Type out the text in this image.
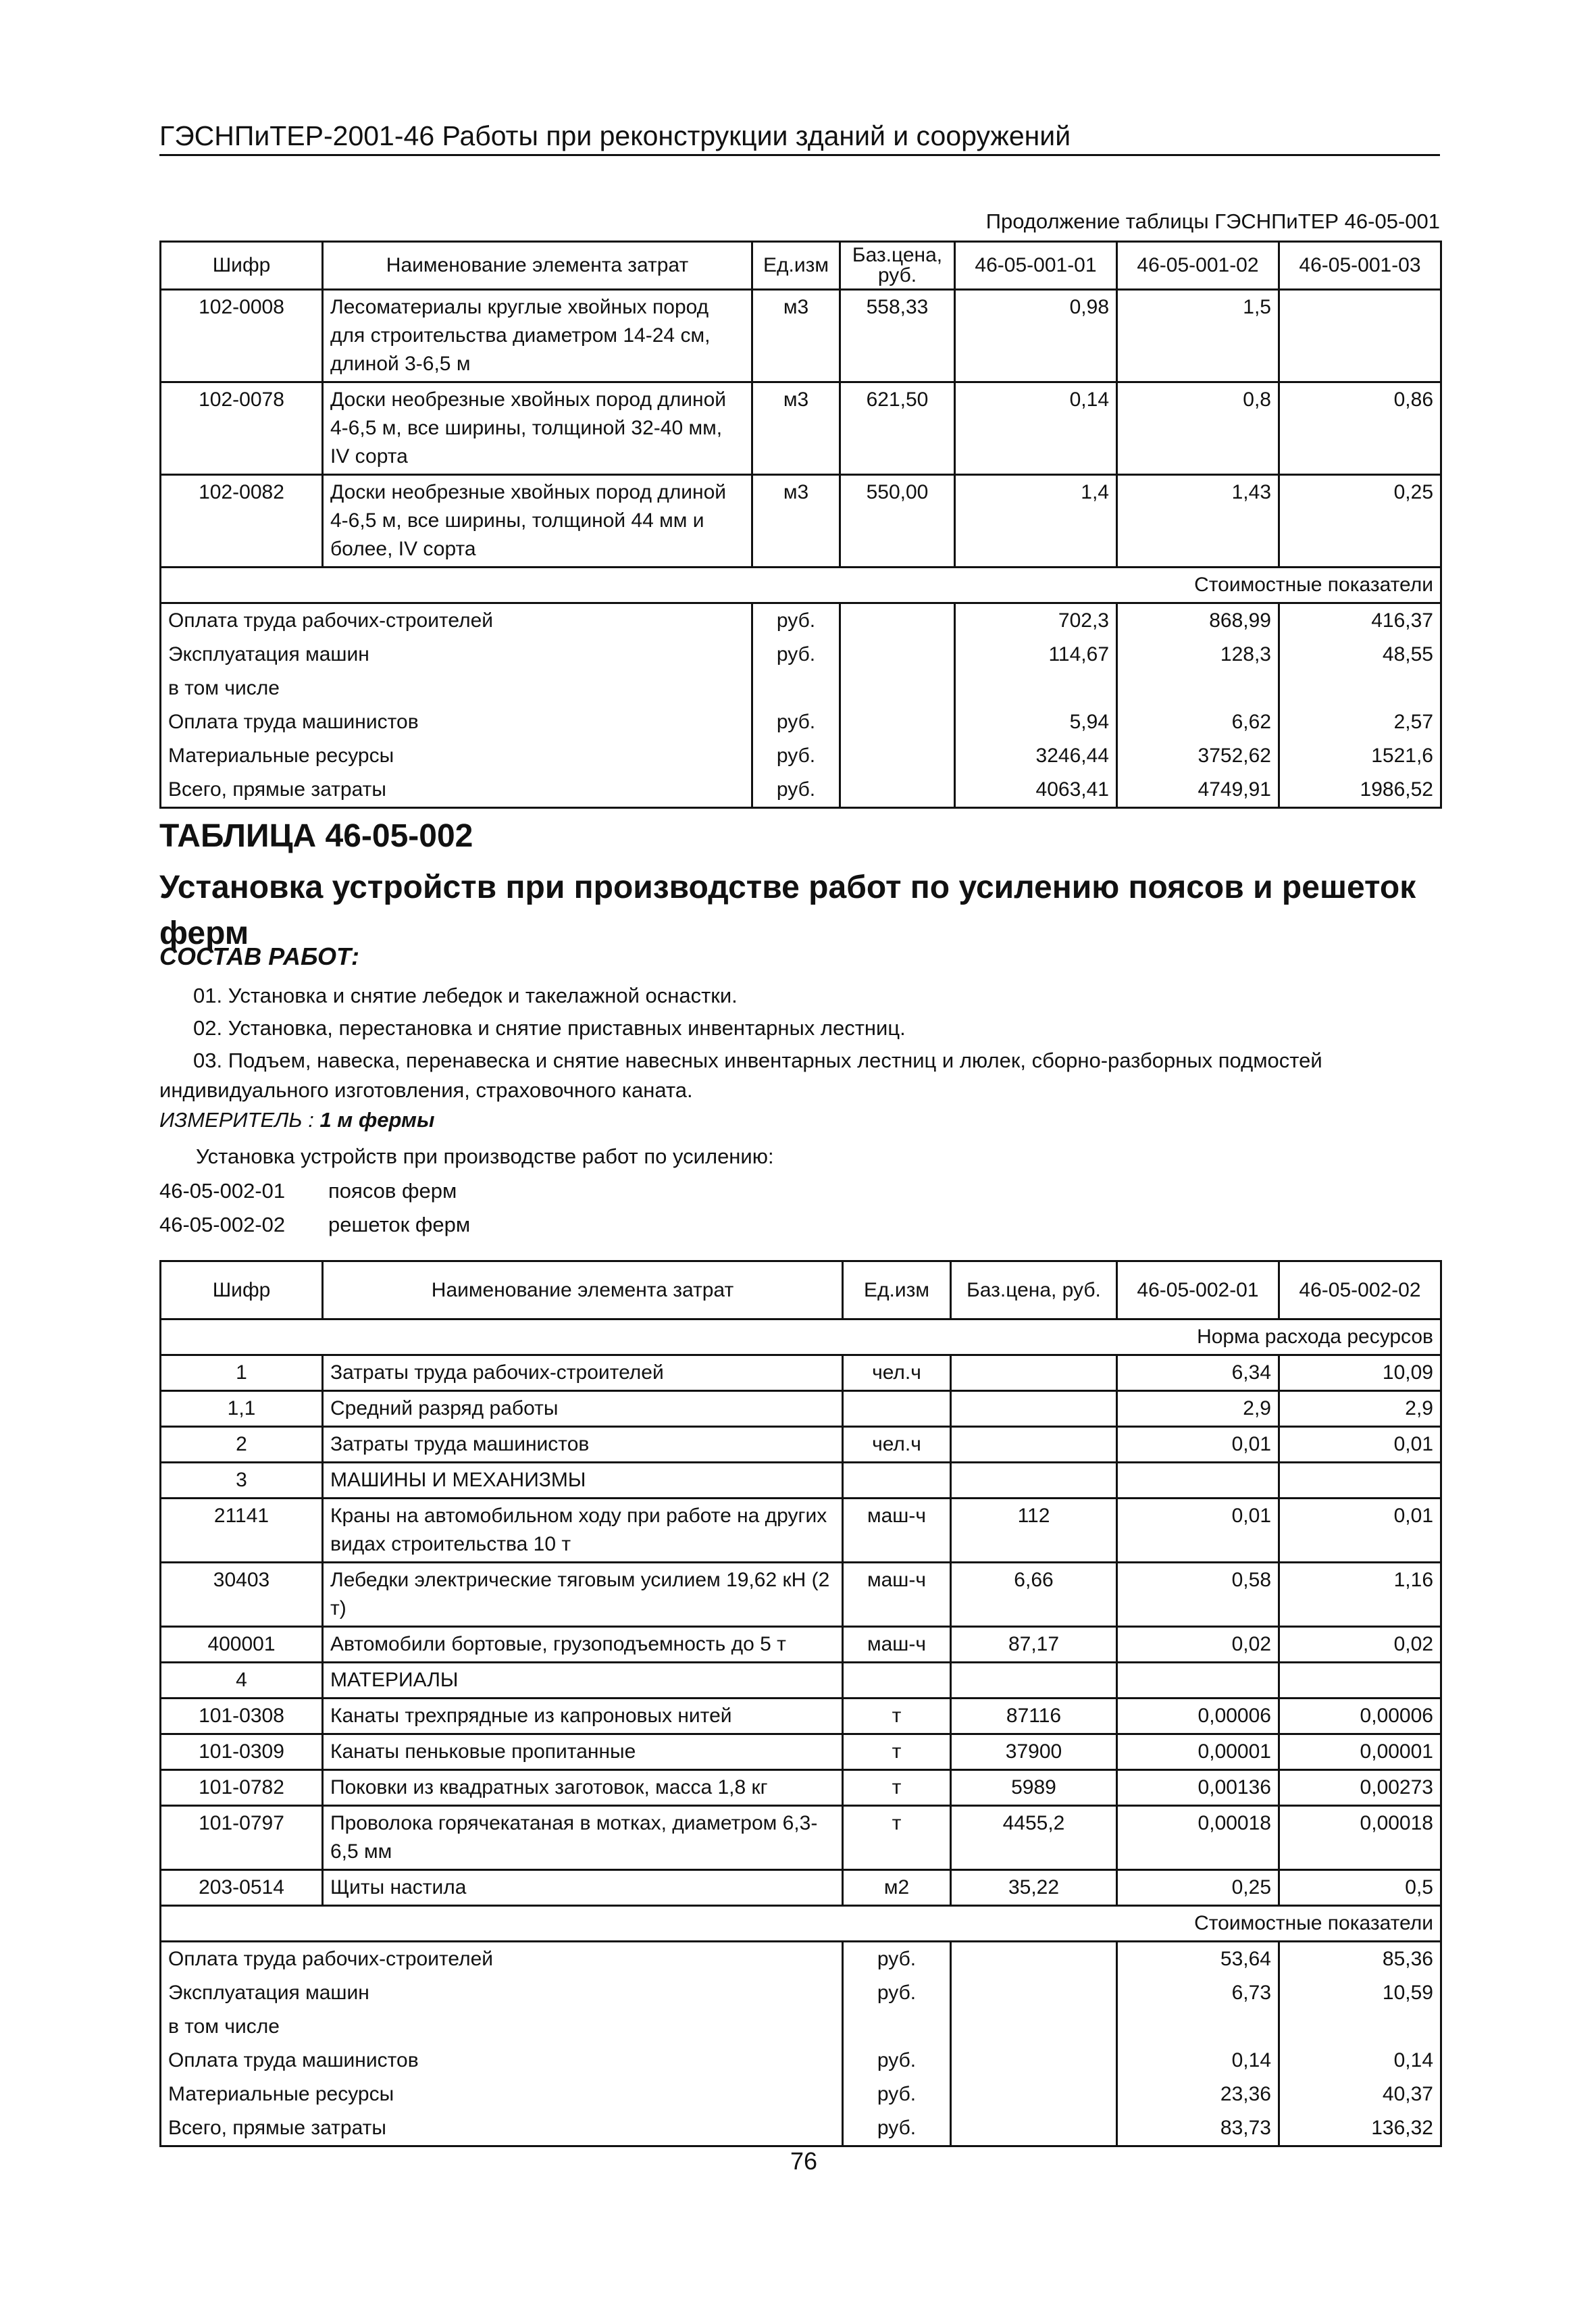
ГЭСНПиТЕР-2001-46 Работы при реконструкции зданий и сооружений
Продолжение таблицы ГЭСНПиТЕР 46-05-001
Шифр	Наименование элемента затрат	Ед.изм	Баз.цена, руб.	46-05-001-01	46-05-001-02	46-05-001-03
102-0008	Лесоматериалы круглые хвойных пород для строительства диаметром 14-24 см, длиной 3-6,5 м	м3	558,33	0,98	1,5	
102-0078	Доски необрезные хвойных пород длиной 4-6,5 м, все ширины, толщиной 32-40 мм, IV сорта	м3	621,50	0,14	0,8	0,86
102-0082	Доски необрезные хвойных пород длиной 4-6,5 м, все ширины, толщиной 44 мм и более, IV сорта	м3	550,00	1,4	1,43	0,25
Стоимостные показатели						
Оплата труда рабочих-строителей		руб.		702,3	868,99	416,37
Эксплуатация машин		руб.		114,67	128,3	48,55
в том числе						
Оплата труда машинистов		руб.		5,94	6,62	2,57
Материальные ресурсы		руб.		3246,44	3752,62	1521,6
Всего, прямые затраты		руб.		4063,41	4749,91	1986,52
ТАБЛИЦА 46-05-002
Установка устройств при производстве работ по усилению поясов и решеток ферм
СОСТАВ РАБОТ:
01. Установка и снятие лебедок и такелажной оснастки.
02. Установка, перестановка и снятие приставных инвентарных лестниц.
03. Подъем, навеска, перенавеска и снятие навесных инвентарных лестниц и люлек, сборно-разборных подмостей индивидуального изготовления, страховочного каната.
ИЗМЕРИТЕЛЬ : 1 м фермы
Установка устройств при производстве работ по усилению:
46-05-002-01 поясов ферм
46-05-002-02 решеток ферм
Шифр	Наименование элемента затрат	Ед.изм	Баз.цена, руб.	46-05-002-01	46-05-002-02
Норма расхода ресурсов					
1	Затраты труда рабочих-строителей	чел.ч		6,34	10,09
1,1	Средний разряд работы			2,9	2,9
2	Затраты труда машинистов	чел.ч		0,01	0,01
3	МАШИНЫ И МЕХАНИЗМЫ				
21141	Краны на автомобильном ходу при работе на других видах строительства 10 т	маш-ч	112	0,01	0,01
30403	Лебедки электрические тяговым усилием 19,62 кН (2 т)	маш-ч	6,66	0,58	1,16
400001	Автомобили бортовые, грузоподъемность до 5 т	маш-ч	87,17	0,02	0,02
4	МАТЕРИАЛЫ				
101-0308	Канаты трехпрядные из капроновых нитей	т	87116	0,00006	0,00006
101-0309	Канаты пеньковые пропитанные	т	37900	0,00001	0,00001
101-0782	Поковки из квадратных заготовок, масса 1,8 кг	т	5989	0,00136	0,00273
101-0797	Проволока горячекатаная в мотках, диаметром 6,3-6,5 мм	т	4455,2	0,00018	0,00018
203-0514	Щиты настила	м2	35,22	0,25	0,5
Стоимостные показатели					
Оплата труда рабочих-строителей		руб.		53,64	85,36
Эксплуатация машин		руб.		6,73	10,59
в том числе					
Оплата труда машинистов		руб.		0,14	0,14
Материальные ресурсы		руб.		23,36	40,37
Всего, прямые затраты		руб.		83,73	136,32
76
